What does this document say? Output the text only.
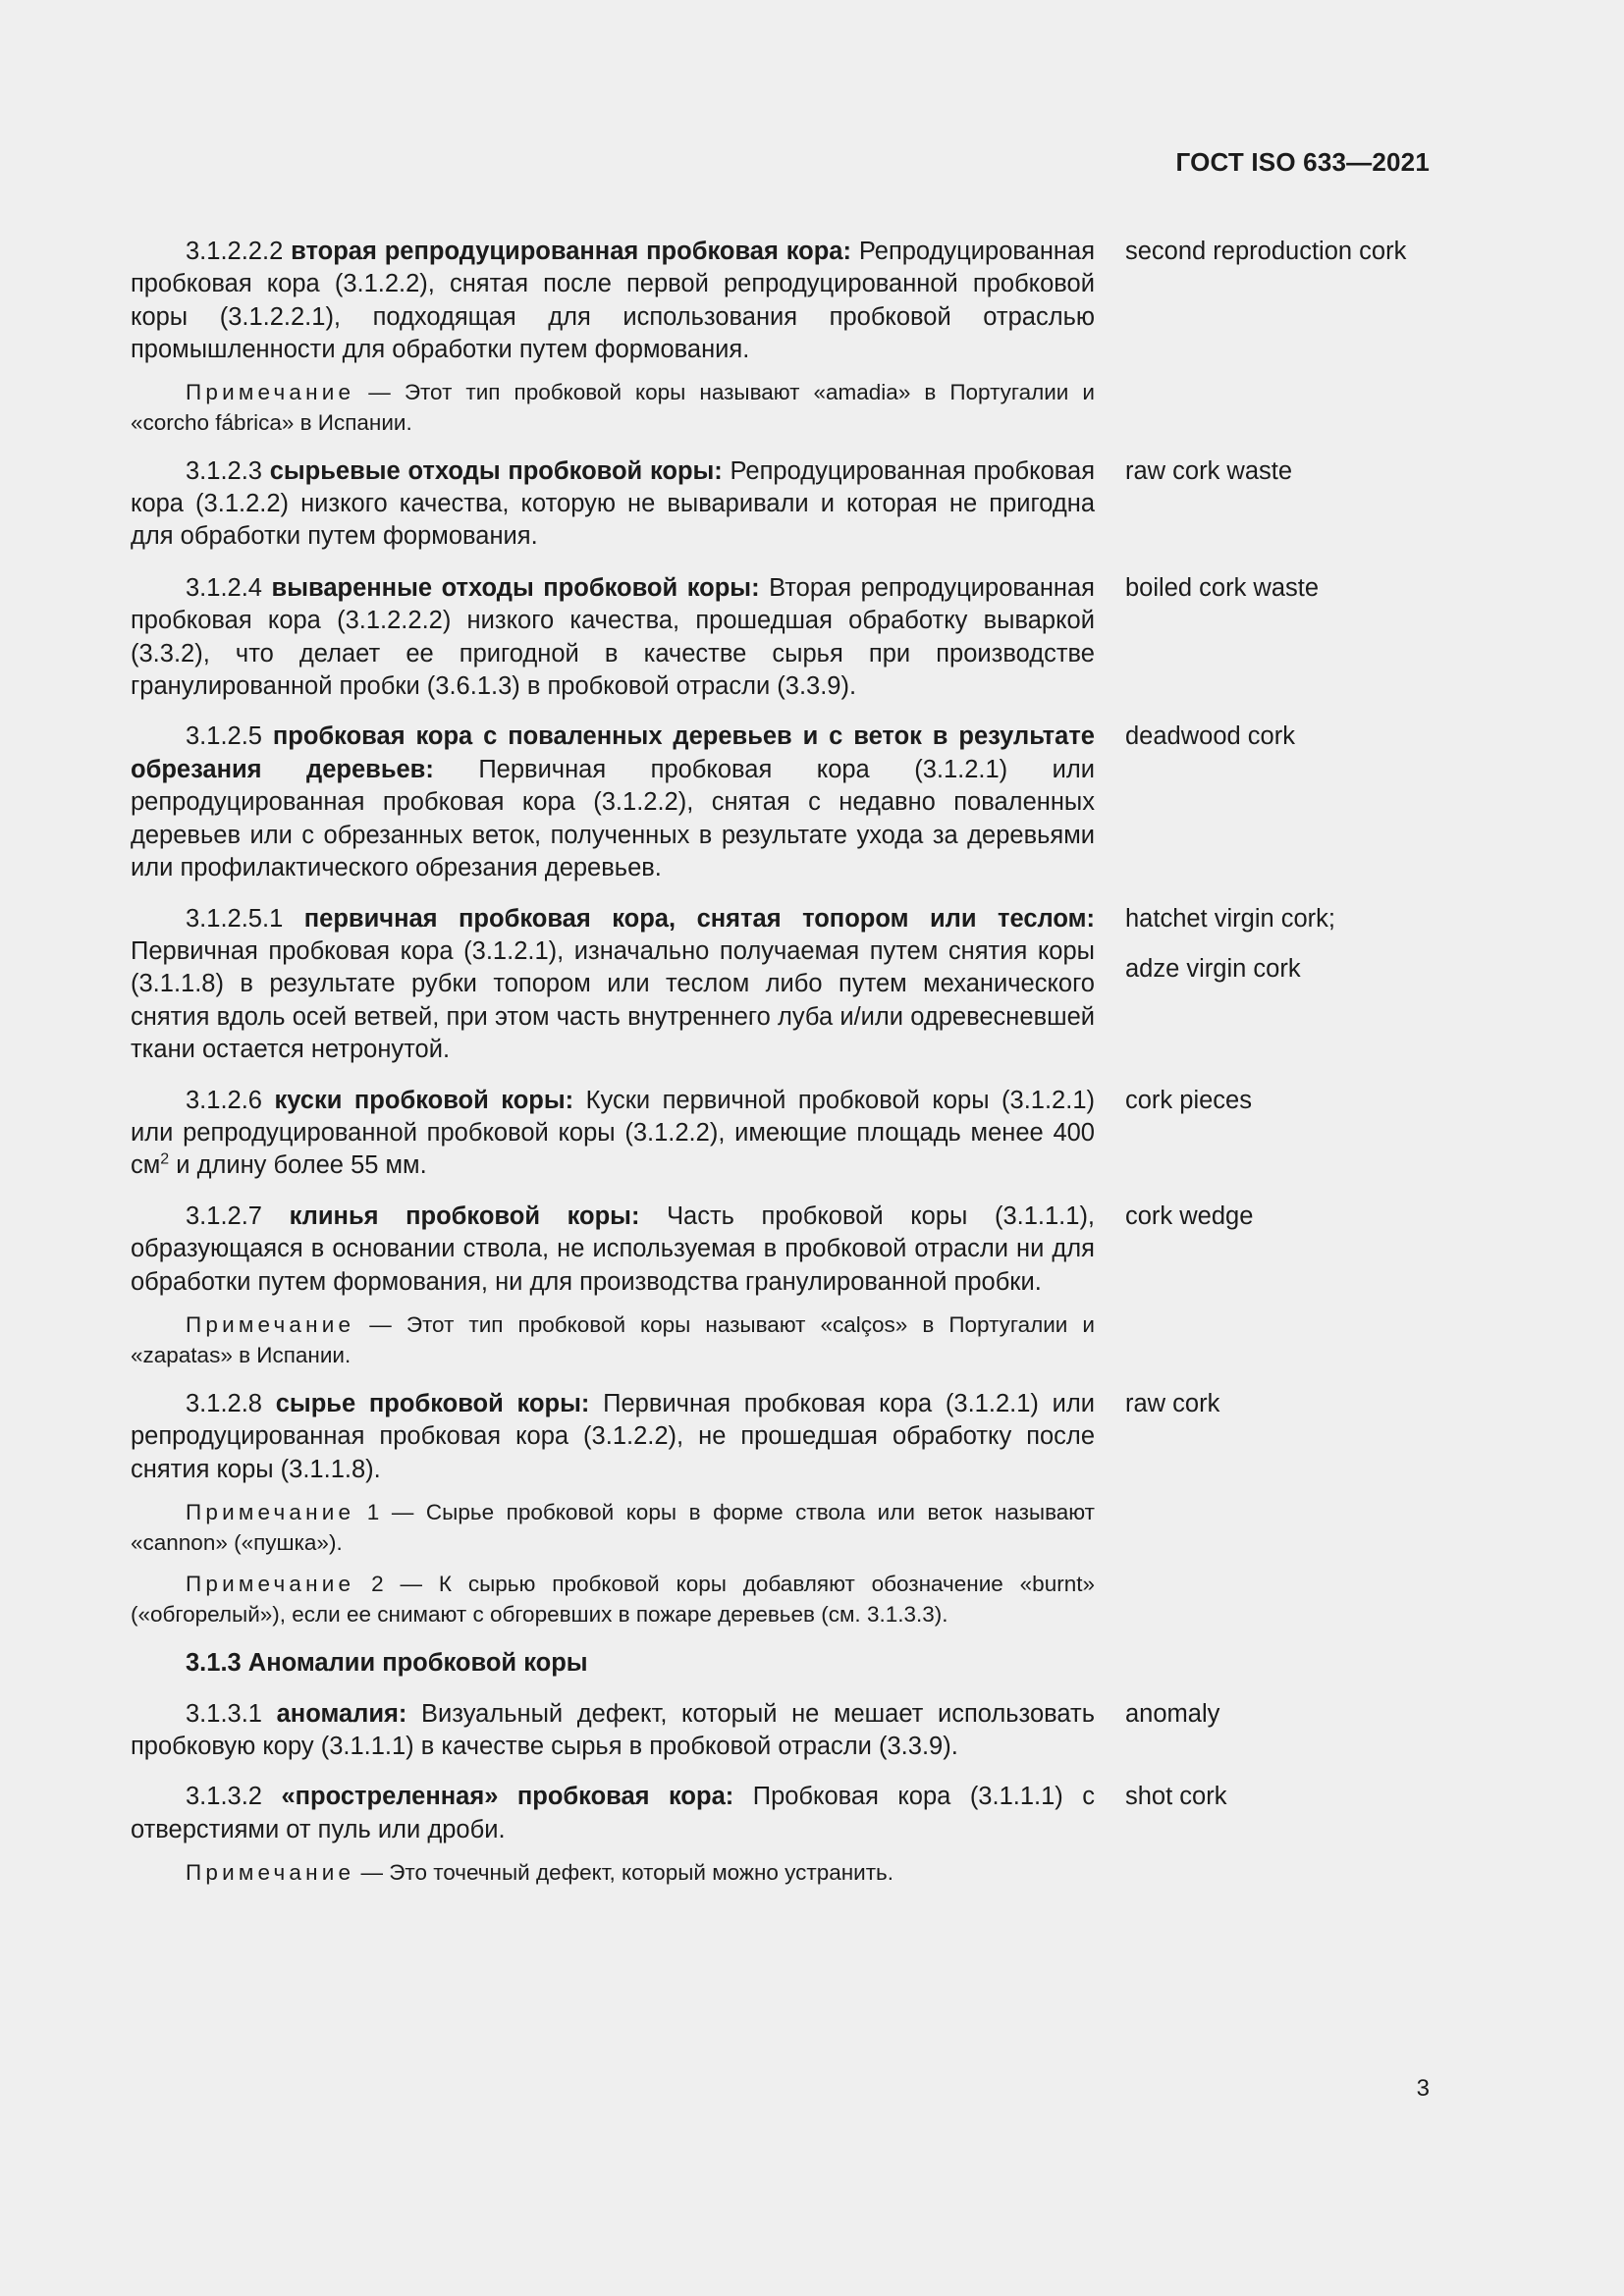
ГОСТ ISO 633—2021

3.1.2.2.2 вторая репродуцированная пробковая кора: Репродуцированная пробковая кора (3.1.2.2), снятая после первой репродуцированной пробковой коры (3.1.2.2.1), подходящая для использования пробковой отраслью промышленности для обработки путем формования.

second reproduction cork

Примечание — Этот тип пробковой коры называют «amadia» в Португалии и «corcho fábrica» в Испании.

3.1.2.3 сырьевые отходы пробковой коры: Репродуцированная пробковая кора (3.1.2.2) низкого качества, которую не вываривали и которая не пригодна для обработки путем формования.

raw cork waste

3.1.2.4 вываренные отходы пробковой коры: Вторая репродуцированная пробковая кора (3.1.2.2.2) низкого качества, прошедшая обработку вываркой (3.3.2), что делает ее пригодной в качестве сырья при производстве гранулированной пробки (3.6.1.3) в пробковой отрасли (3.3.9).

boiled cork waste

3.1.2.5 пробковая кора с поваленных деревьев и с веток в результате обрезания деревьев: Первичная пробковая кора (3.1.2.1) или репродуцированная пробковая кора (3.1.2.2), снятая с недавно поваленных деревьев или с обрезанных веток, полученных в результате ухода за деревьями или профилактического обрезания деревьев.

deadwood cork

3.1.2.5.1 первичная пробковая кора, снятая топором или теслом: Первичная пробковая кора (3.1.2.1), изначально получаемая путем снятия коры (3.1.1.8) в результате рубки топором или теслом либо путем механического снятия вдоль осей ветвей, при этом часть внутреннего луба и/или одревесневшей ткани остается нетронутой.

hatchet virgin cork;
adze virgin cork

3.1.2.6 куски пробковой коры: Куски первичной пробковой коры (3.1.2.1) или репродуцированной пробковой коры (3.1.2.2), имеющие площадь менее 400 $см^2$ и длину более 55 мм.

cork pieces

3.1.2.7 клинья пробковой коры: Часть пробковой коры (3.1.1.1), образующаяся в основании ствола, не используемая в пробковой отрасли ни для обработки путем формования, ни для производства гранулированной пробки.

cork wedge

Примечание — Этот тип пробковой коры называют «calços» в Португалии и «zapatas» в Испании.

3.1.2.8 сырье пробковой коры: Первичная пробковая кора (3.1.2.1) или репродуцированная пробковая кора (3.1.2.2), не прошедшая обработку после снятия коры (3.1.1.8).

raw cork

Примечание 1 — Сырье пробковой коры в форме ствола или веток называют «cannon» («пушка»).

Примечание 2 — К сырью пробковой коры добавляют обозначение «burnt» («обгорелый»), если ее снимают с обгоревших в пожаре деревьев (см. 3.1.3.3).

3.1.3 Аномалии пробковой коры

3.1.3.1 аномалия: Визуальный дефект, который не мешает использовать пробковую кору (3.1.1.1) в качестве сырья в пробковой отрасли (3.3.9).

anomaly

3.1.3.2 «простреленная» пробковая кора: Пробковая кора (3.1.1.1) с отверстиями от пуль или дроби.

shot cork

Примечание — Это точечный дефект, который можно устранить.

3
